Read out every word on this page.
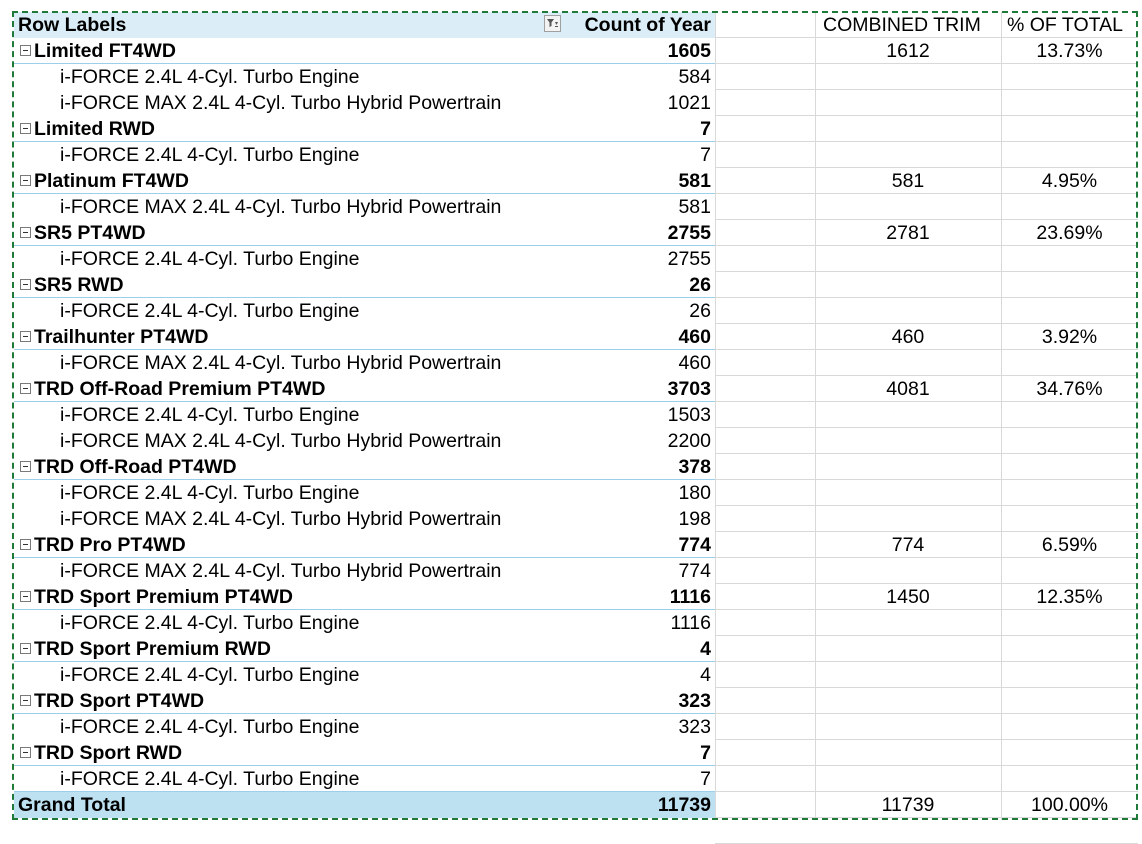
Row Labels	Count of Year	COMBINED TRIM	% OF TOTAL
Limited FT4WD	1605	1612	13.73%
i-FORCE 2.4L 4-Cyl. Turbo Engine	584
i-FORCE MAX 2.4L 4-Cyl. Turbo Hybrid Powertrain	1021
Limited RWD	7
i-FORCE 2.4L 4-Cyl. Turbo Engine	7
Platinum FT4WD	581	581	4.95%
i-FORCE MAX 2.4L 4-Cyl. Turbo Hybrid Powertrain	581
SR5 PT4WD	2755	2781	23.69%
i-FORCE 2.4L 4-Cyl. Turbo Engine	2755
SR5 RWD	26
i-FORCE 2.4L 4-Cyl. Turbo Engine	26
Trailhunter PT4WD	460	460	3.92%
i-FORCE MAX 2.4L 4-Cyl. Turbo Hybrid Powertrain	460
TRD Off-Road Premium PT4WD	3703	4081	34.76%
i-FORCE 2.4L 4-Cyl. Turbo Engine	1503
i-FORCE MAX 2.4L 4-Cyl. Turbo Hybrid Powertrain	2200
TRD Off-Road PT4WD	378
i-FORCE 2.4L 4-Cyl. Turbo Engine	180
i-FORCE MAX 2.4L 4-Cyl. Turbo Hybrid Powertrain	198
TRD Pro PT4WD	774	774	6.59%
i-FORCE MAX 2.4L 4-Cyl. Turbo Hybrid Powertrain	774
TRD Sport Premium PT4WD	1116	1450	12.35%
i-FORCE 2.4L 4-Cyl. Turbo Engine	1116
TRD Sport Premium RWD	4
i-FORCE 2.4L 4-Cyl. Turbo Engine	4
TRD Sport PT4WD	323
i-FORCE 2.4L 4-Cyl. Turbo Engine	323
TRD Sport RWD	7
i-FORCE 2.4L 4-Cyl. Turbo Engine	7
Grand Total	11739	11739	100.00%
